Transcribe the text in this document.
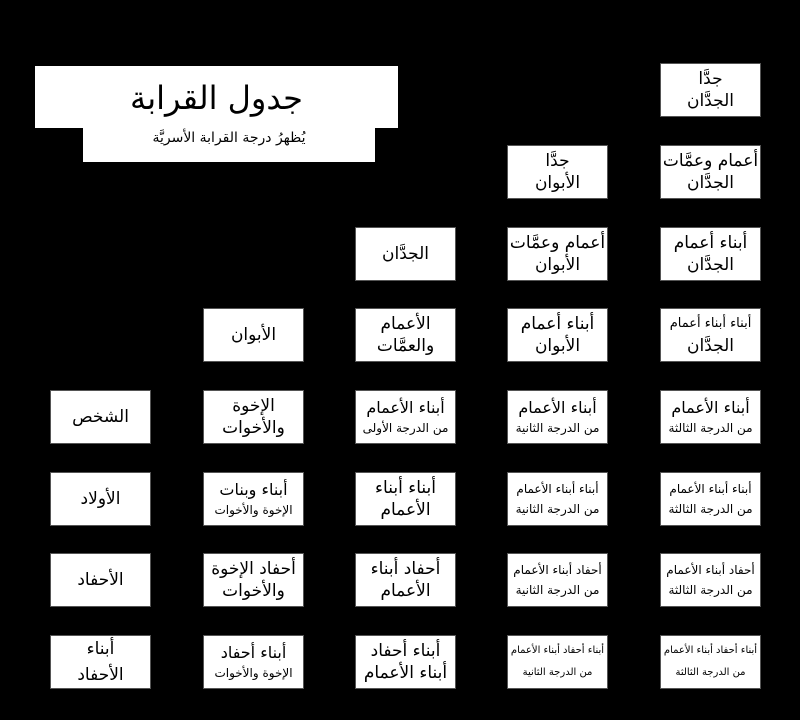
جدول القرابة
يُظهرُ درجة القرابة الأسريَّة
الشخص
الأولاد
الأحفاد
أبناء
الأحفاد
الأبوان
الإخوة
والأخوات
أبناء وبنات
الإخوة والأخوات
أحفاد الإخوة
والأخوات
أبناء أحفاد
الإخوة والأخوات
الجدَّان
الأعمام
والعمَّات
أبناء الأعمام
من الدرجة الأولى
أبناء أبناء
الأعمام
أحفاد أبناء
الأعمام
أبناء أحفاد
أبناء الأعمام
جدَّا
الأبوان
أعمام وعمَّات
الأبوان
أبناء أعمام
الأبوان
أبناء الأعمام
من الدرجة الثانية
أبناء أبناء الأعمام
من الدرجة الثانية
أحفاد أبناء الأعمام
من الدرجة الثانية
أبناء أحفاد أبناء الأعمام
من الدرجة الثانية
جدَّا
الجدَّان
أعمام وعمَّات
الجدَّان
أبناء أعمام
الجدَّان
أبناء أبناء أعمام
الجدَّان
أبناء الأعمام
من الدرجة الثالثة
أبناء أبناء الأعمام
من الدرجة الثالثة
أحفاد أبناء الأعمام
من الدرجة الثالثة
أبناء أحفاد أبناء الأعمام
من الدرجة الثالثة
